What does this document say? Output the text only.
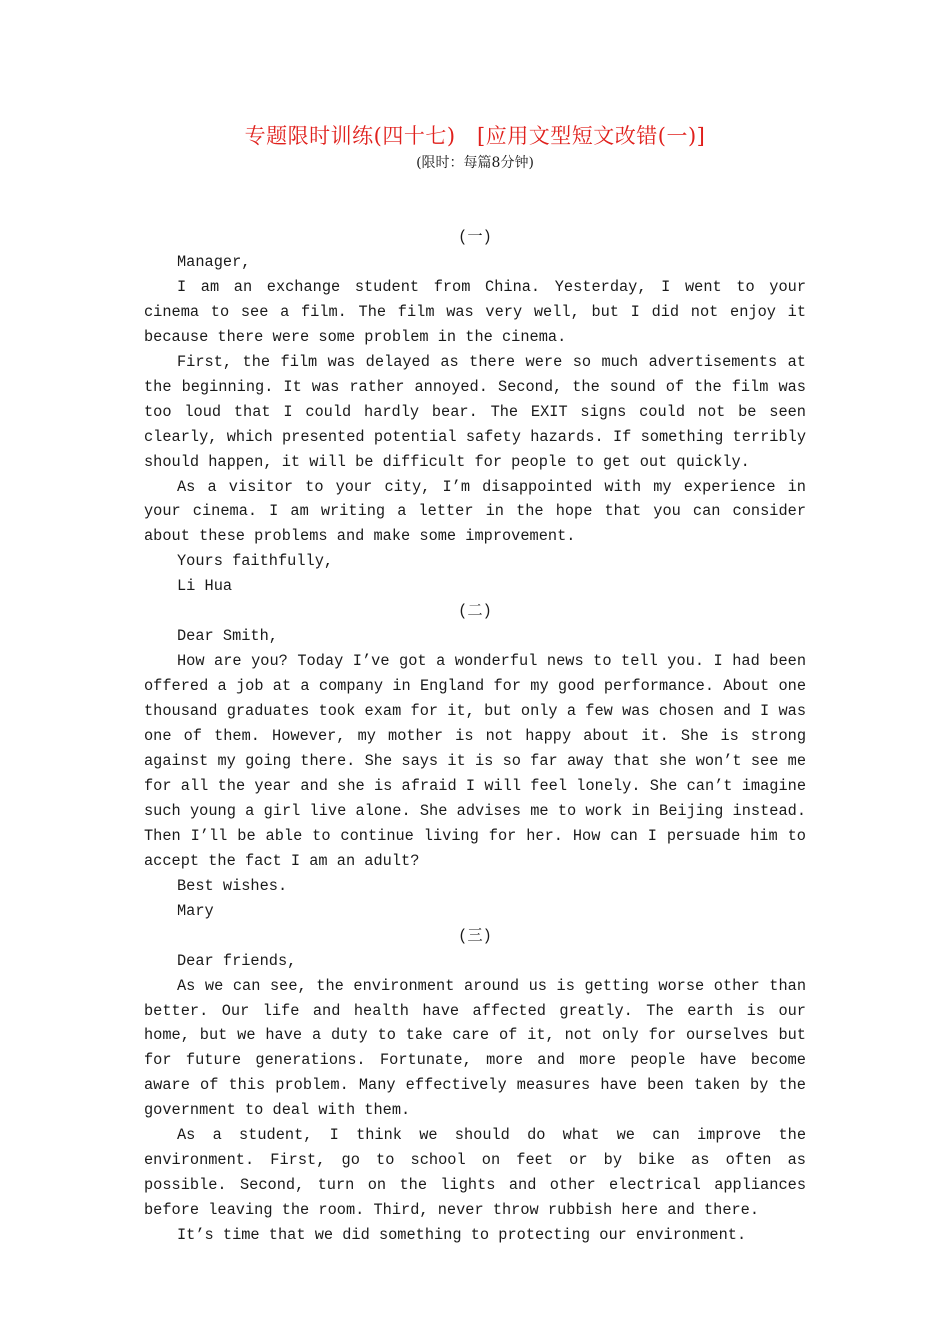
专题限时训练(四十七)　[应用文型短文改错(一)]
(限时：每篇8分钟)

(一)

Manager,

I am an exchange student from China. Yesterday, I went to your cinema to see a film. The film was very well, but I did not enjoy it because there were some problem in the cinema.

First, the film was delayed as there were so much advertisements at the beginning. It was rather annoyed. Second, the sound of the film was too loud that I could hardly bear. The EXIT signs could not be seen clearly, which presented potential safety hazards. If something terribly should happen, it will be difficult for people to get out quickly.

As a visitor to your city, I’m disappointed with my experience in your cinema. I am writing a letter in the hope that you can consider about these problems and make some improvement.

Yours faithfully,

Li Hua

(二)

Dear Smith,

How are you? Today I’ve got a wonderful news to tell you. I had been offered a job at a company in England for my good performance. About one thousand graduates took exam for it, but only a few was chosen and I was one of them. However, my mother is not happy about it. She is strong against my going there. She says it is so far away that she won’t see me for all the year and she is afraid I will feel lonely. She can’t imagine such young a girl live alone. She advises me to work in Beijing instead. Then I’ll be able to continue living for her. How can I persuade him to accept the fact I am an adult?

Best wishes.

Mary

(三)

Dear friends,

As we can see, the environment around us is getting worse other than better. Our life and health have affected greatly. The earth is our home, but we have a duty to take care of it, not only for ourselves but for future generations. Fortunate, more and more people have become aware of this problem. Many effectively measures have been taken by the government to deal with them.

As a student, I think we should do what we can improve the environment. First, go to school on feet or by bike as often as possible. Second, turn on the lights and other electrical appliances before leaving the room. Third, never throw rubbish here and there.

It’s time that we did something to protecting our environment.
